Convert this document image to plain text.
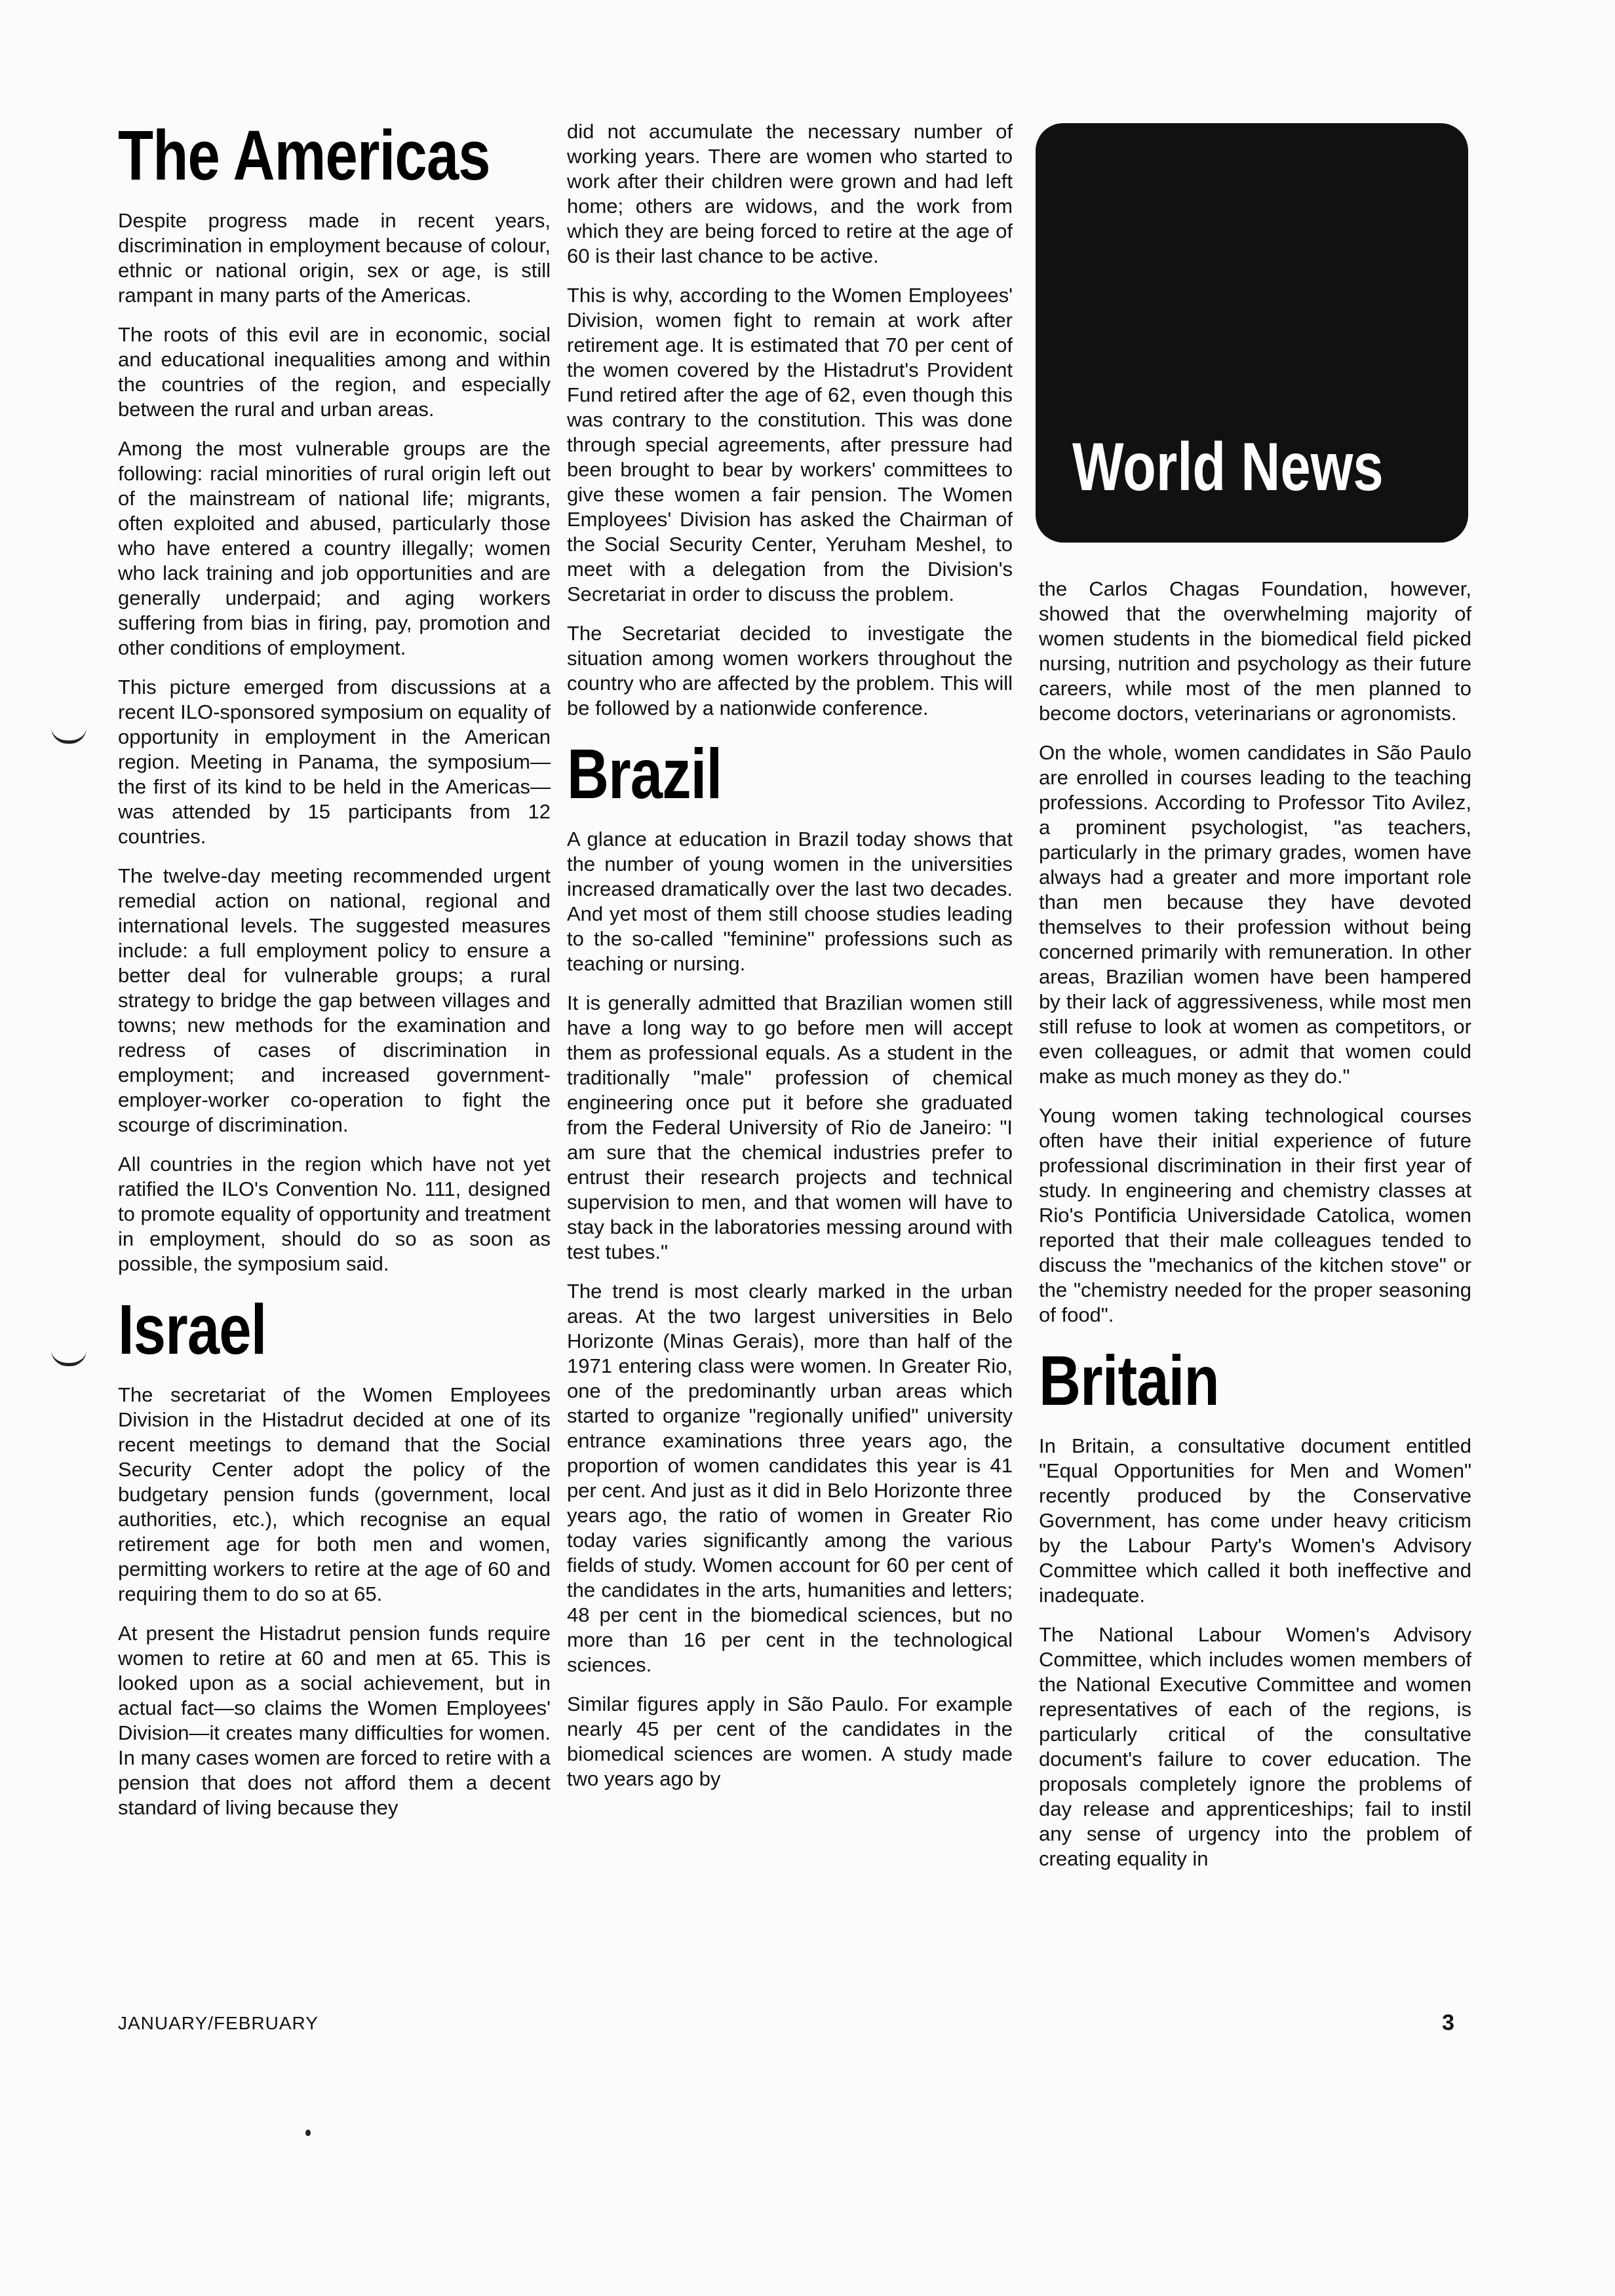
The Americas

Despite progress made in recent years, discrimination in employment because of colour, ethnic or national origin, sex or age, is still rampant in many parts of the Americas.

The roots of this evil are in economic, social and educational inequalities among and within the countries of the region, and especially between the rural and urban areas.

Among the most vulnerable groups are the following: racial minorities of rural origin left out of the mainstream of national life; migrants, often exploited and abused, particularly those who have entered a country illegally; women who lack training and job opportunities and are generally underpaid; and aging workers suffering from bias in firing, pay, promotion and other conditions of employment.

This picture emerged from discussions at a recent ILO-sponsored symposium on equality of opportunity in employment in the American region. Meeting in Panama, the symposium—the first of its kind to be held in the Americas—was attended by 15 participants from 12 countries.

The twelve-day meeting recommended urgent remedial action on national, regional and international levels. The suggested measures include: a full employment policy to ensure a better deal for vulnerable groups; a rural strategy to bridge the gap between villages and towns; new methods for the examination and redress of cases of discrimination in employment; and increased government-employer-worker co-operation to fight the scourge of discrimination.

All countries in the region which have not yet ratified the ILO's Convention No. 111, designed to promote equality of opportunity and treatment in employment, should do so as soon as possible, the symposium said.

Israel

The secretariat of the Women Employees Division in the Histadrut decided at one of its recent meetings to demand that the Social Security Center adopt the policy of the budgetary pension funds (government, local authorities, etc.), which recognise an equal retirement age for both men and women, permitting workers to retire at the age of 60 and requiring them to do so at 65.

At present the Histadrut pension funds require women to retire at 60 and men at 65. This is looked upon as a social achievement, but in actual fact—so claims the Women Employees' Division—it creates many difficulties for women. In many cases women are forced to retire with a pension that does not afford them a decent standard of living because they

did not accumulate the necessary number of working years. There are women who started to work after their children were grown and had left home; others are widows, and the work from which they are being forced to retire at the age of 60 is their last chance to be active.

This is why, according to the Women Employees' Division, women fight to remain at work after retirement age. It is estimated that 70 per cent of the women covered by the Histadrut's Provident Fund retired after the age of 62, even though this was contrary to the constitution. This was done through special agreements, after pressure had been brought to bear by workers' committees to give these women a fair pension. The Women Employees' Division has asked the Chairman of the Social Security Center, Yeruham Meshel, to meet with a delegation from the Division's Secretariat in order to discuss the problem.

The Secretariat decided to investigate the situation among women workers throughout the country who are affected by the problem. This will be followed by a nationwide conference.

Brazil

A glance at education in Brazil today shows that the number of young women in the universities increased dramatically over the last two decades. And yet most of them still choose studies leading to the so-called "feminine" professions such as teaching or nursing.

It is generally admitted that Brazilian women still have a long way to go before men will accept them as professional equals. As a student in the traditionally "male" profession of chemical engineering once put it before she graduated from the Federal University of Rio de Janeiro: "I am sure that the chemical industries prefer to entrust their research projects and technical supervision to men, and that women will have to stay back in the laboratories messing around with test tubes."

The trend is most clearly marked in the urban areas. At the two largest universities in Belo Horizonte (Minas Gerais), more than half of the 1971 entering class were women. In Greater Rio, one of the predominantly urban areas which started to organize "regionally unified" university entrance examinations three years ago, the proportion of women candidates this year is 41 per cent. And just as it did in Belo Horizonte three years ago, the ratio of women in Greater Rio today varies significantly among the various fields of study. Women account for 60 per cent of the candidates in the arts, humanities and letters; 48 per cent in the biomedical sciences, but no more than 16 per cent in the technological sciences.

Similar figures apply in São Paulo. For example nearly 45 per cent of the candidates in the biomedical sciences are women. A study made two years ago by

World News

the Carlos Chagas Foundation, however, showed that the overwhelming majority of women students in the biomedical field picked nursing, nutrition and psychology as their future careers, while most of the men planned to become doctors, veterinarians or agronomists.

On the whole, women candidates in São Paulo are enrolled in courses leading to the teaching professions. According to Professor Tito Avilez, a prominent psychologist, "as teachers, particularly in the primary grades, women have always had a greater and more important role than men because they have devoted themselves to their profession without being concerned primarily with remuneration. In other areas, Brazilian women have been hampered by their lack of aggressiveness, while most men still refuse to look at women as competitors, or even colleagues, or admit that women could make as much money as they do."

Young women taking technological courses often have their initial experience of future professional discrimination in their first year of study. In engineering and chemistry classes at Rio's Pontificia Universidade Catolica, women reported that their male colleagues tended to discuss the "mechanics of the kitchen stove" or the "chemistry needed for the proper seasoning of food".

Britain

In Britain, a consultative document entitled "Equal Opportunities for Men and Women" recently produced by the Conservative Government, has come under heavy criticism by the Labour Party's Women's Advisory Committee which called it both ineffective and inadequate.

The National Labour Women's Advisory Committee, which includes women members of the National Executive Committee and women representatives of each of the regions, is particularly critical of the consultative document's failure to cover education. The proposals completely ignore the problems of day release and apprenticeships; fail to instil any sense of urgency into the problem of creating equality in

JANUARY/FEBRUARY	3
